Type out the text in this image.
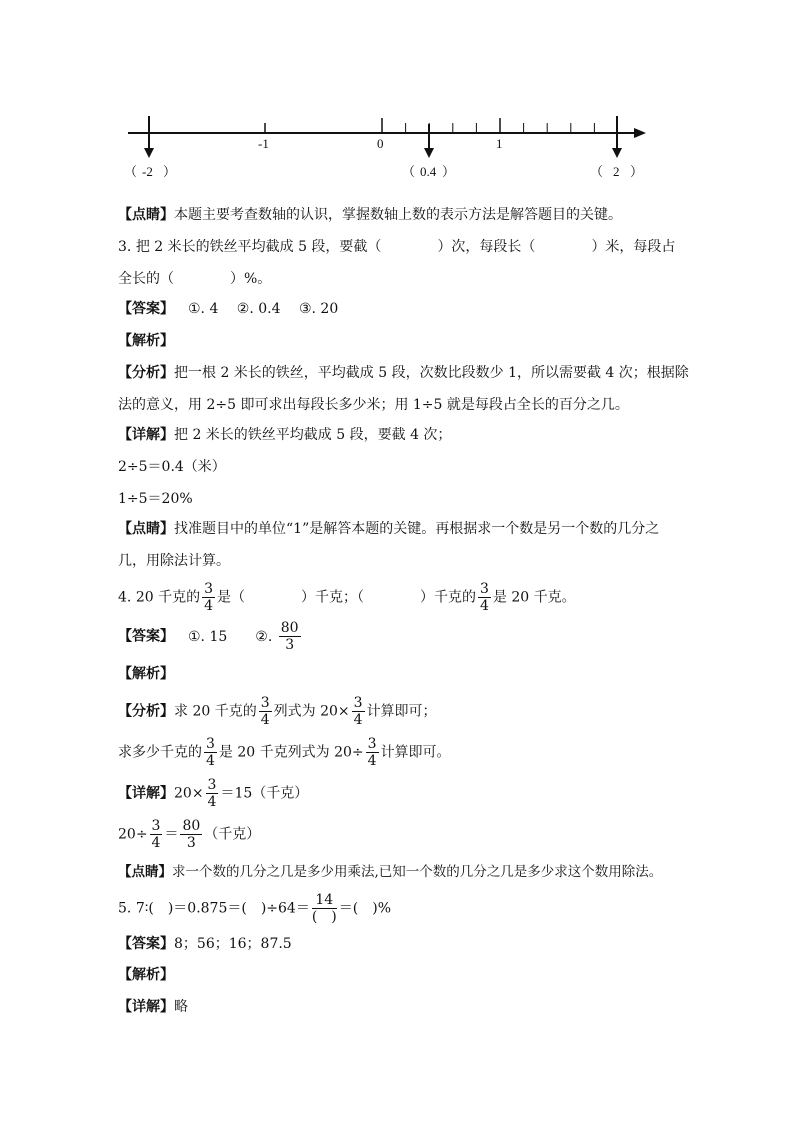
-1	0	1
（ -2 ）	（ 0.4 ）	（ 2 ）
【点睛】本题主要考查数轴的认识，掌握数轴上数的表示方法是解答题目的关键。
3. 把 2 米长的铁丝平均截成 5 段，要截（	）次，每段长（	）米，每段占
全长的（	）%。
【答案】 ①. 4　 ②. 0.4　 ③. 20
【解析】
【分析】把一根 2 米长的铁丝，平均截成 5 段，次数比段数少 1，所以需要截 4 次；根据除
法的意义，用 2÷5 即可求出每段长多少米；用 1÷5 就是每段占全长的百分之几。
【详解】把 2 米长的铁丝平均截成 5 段，要截 4 次；
2÷5＝0.4（米）
1÷5＝20%
【点睛】找准题目中的单位“1”是解答本题的关键。再根据求一个数是另一个数的几分之
几，用除法计算。
4. 20 千克的 $\frac{3}{4}$ 是（	）千克；（	）千克的 $\frac{3}{4}$ 是 20 千克。
【答案】 ①. 15　　②. $\frac{80}{3}$
【解析】
【分析】求 20 千克的 $\frac{3}{4}$ 列式为 $20\times \frac{3}{4}$ 计算即可；
求多少千克的 $\frac{3}{4}$ 是 20 千克列式为 $20\div \frac{3}{4}$ 计算即可。
【详解】$20\times \frac{3}{4} =15$（千克）
$20\div \frac{3}{4} = \frac{80}{3}$ （千克）
【点睛】求一个数的几分之几是多少用乘法,已知一个数的几分之几是多少求这个数用除法。
5. 7∶(　)＝0.875＝(　)$\div 64= \frac{14}{( )}$ ＝(　)%
【答案】8；56；16；87.5
【解析】
【详解】略
